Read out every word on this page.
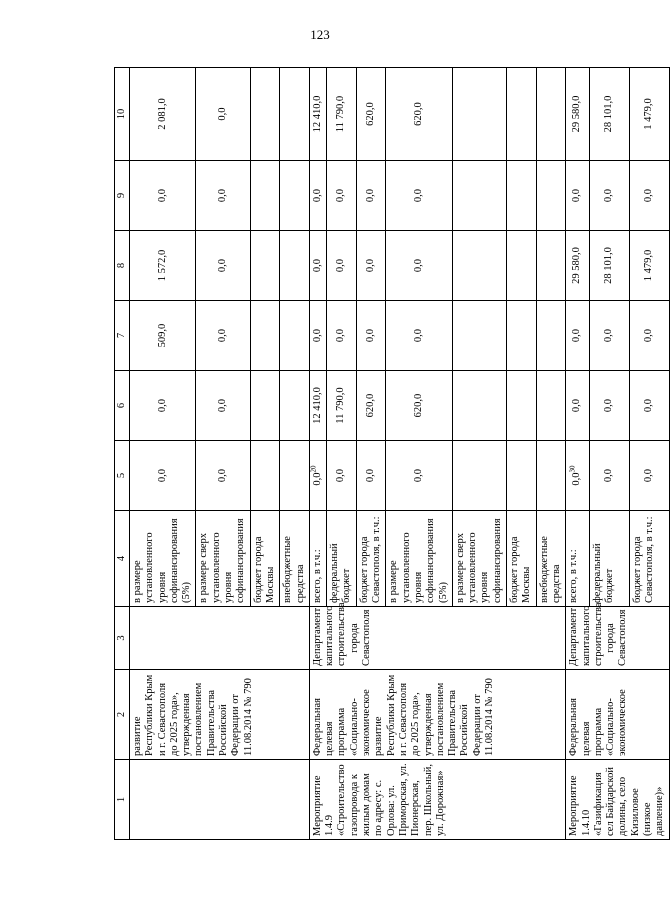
123
1	2	3	4	5	6	7	8	9	10
	развитие Республики Крым и г. Севастополя до 2025 года», утвержденная постановлением Правительства Российской Федерации от 11.08.2014 № 790		в размере установленного уровня софинансирования (5%)	0,0	0,0	509,0	1 572,0	0,0	2 081,0
			в размере сверх установленного уровня софинансирования	0,0	0,0	0,0	0,0	0,0	0,0
			бюджет города Москвы						
			внебюджетные средства						
Мероприятие 1.4.9 «Строительство газопровода к жилым домам по адресу: с. Орлова: ул. Приморская, ул. Пионерская, пер. Школьный, ул. Дорожная»	Федеральная целевая программа «Социально-экономическое развитие Республики Крым и г. Севастополя до 2025 года», утвержденная постановлением Правительства Российской Федерации от 11.08.2014 № 790	Департамент капитального строительства города Севастополя	всего, в т.ч.:	$0,0^{20}$	12 410,0	0,0	0,0	0,0	12 410,0
			федеральный бюджет	0,0	11 790,0	0,0	0,0	0,0	11 790,0
			бюджет города Севастополя, в т.ч.:	0,0	620,0	0,0	0,0	0,0	620,0
			в размере установленного уровня софинансирования (5%)	0,0	620,0	0,0	0,0	0,0	620,0
			в размере сверх установленного уровня софинансирования						
			бюджет города Москвы						
			внебюджетные средства						
Мероприятие 1.4.10 «Газификация сел Байдарской долины, село Кизиловое (низкое давление)»	Федеральная целевая программа «Социально-экономическое	Департамент капитального строительства города Севастополя	всего, в т.ч.:	$0,0^{30}$	0,0	0,0	29 580,0	0,0	29 580,0
			федеральный бюджет	0,0	0,0	0,0	28 101,0	0,0	28 101,0
			бюджет города Севастополя, в т.ч.:	0,0	0,0	0,0	1 479,0	0,0	1 479,0
